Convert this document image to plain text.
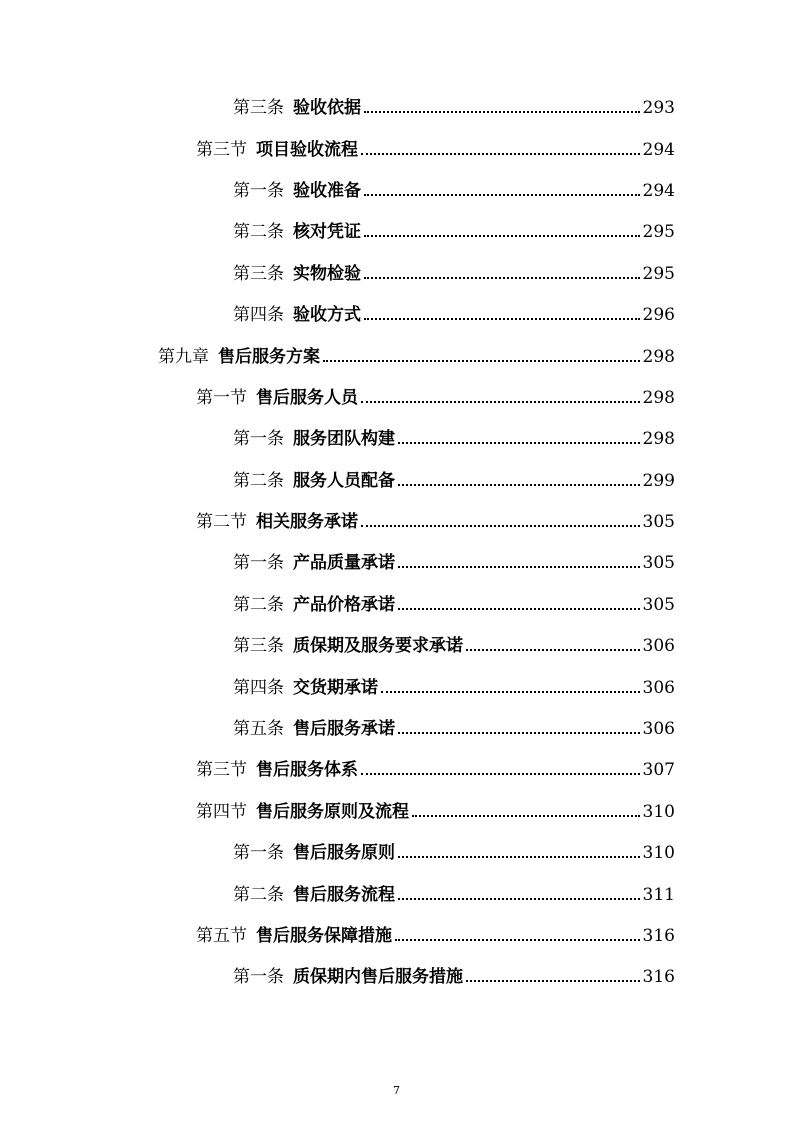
第三条 验收依据	293
第三节 项目验收流程	294
第一条 验收准备	294
第二条 核对凭证	295
第三条 实物检验	295
第四条 验收方式	296
第九章 售后服务方案	298
第一节 售后服务人员	298
第一条 服务团队构建	298
第二条 服务人员配备	299
第二节 相关服务承诺	305
第一条 产品质量承诺	305
第二条 产品价格承诺	305
第三条 质保期及服务要求承诺	306
第四条 交货期承诺	306
第五条 售后服务承诺	306
第三节 售后服务体系	307
第四节 售后服务原则及流程	310
第一条 售后服务原则	310
第二条 售后服务流程	311
第五节 售后服务保障措施	316
第一条 质保期内售后服务措施	316
7
